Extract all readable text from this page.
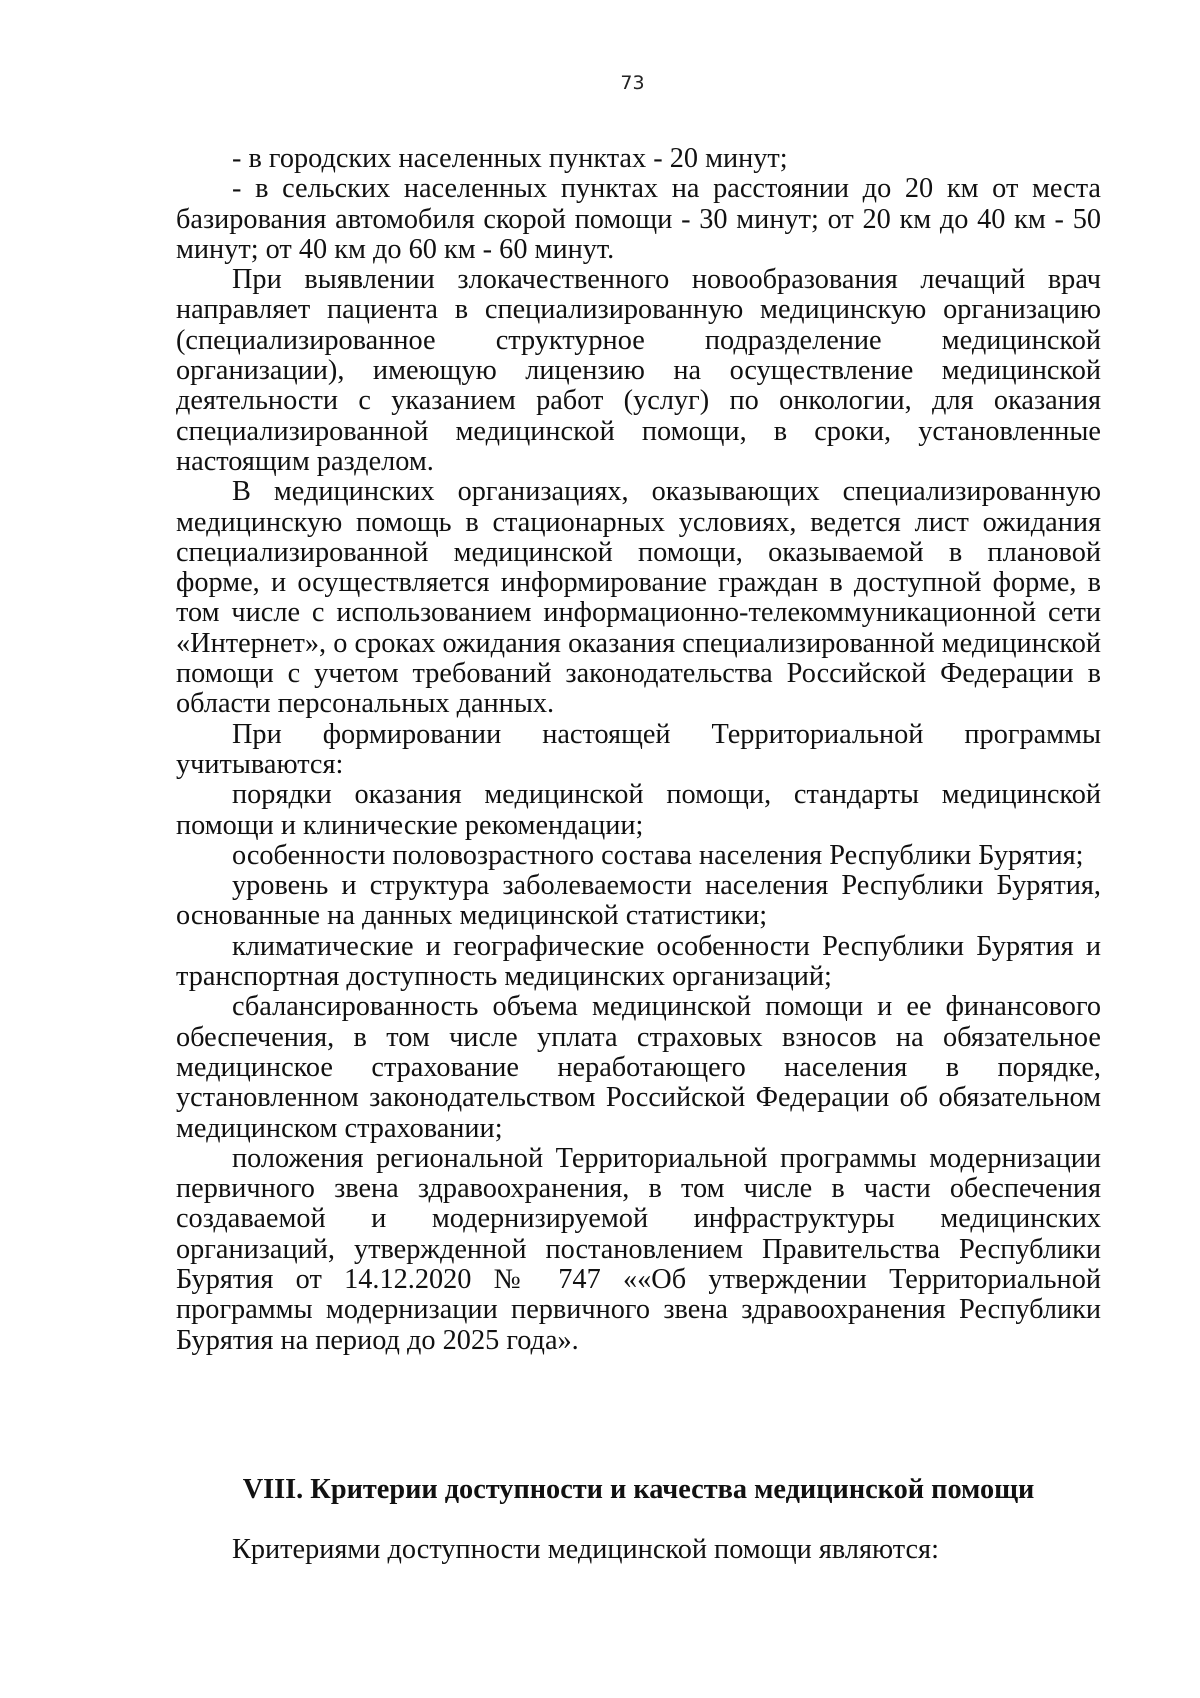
73

- в городских населенных пунктах - 20 минут;

- в сельских населенных пунктах на расстоянии до 20 км от места базирования автомобиля скорой помощи - 30 минут; от 20 км до 40 км - 50 минут; от 40 км до 60 км - 60 минут.

При выявлении злокачественного новообразования лечащий врач направляет пациента в специализированную медицинскую организацию (специализированное структурное подразделение медицинской организации), имеющую лицензию на осуществление медицинской деятельности с указанием работ (услуг) по онкологии, для оказания специализированной медицинской помощи, в сроки, установленные настоящим разделом.

В медицинских организациях, оказывающих специализированную медицинскую помощь в стационарных условиях, ведется лист ожидания специализированной медицинской помощи, оказываемой в плановой форме, и осуществляется информирование граждан в доступной форме, в том числе с использованием информационно-телекоммуникационной сети «Интернет», о сроках ожидания оказания специализированной медицинской помощи с учетом требований законодательства Российской Федерации в области персональных данных.

При формировании настоящей Территориальной программы учитываются:

порядки оказания медицинской помощи, стандарты медицинской помощи и клинические рекомендации;

особенности половозрастного состава населения Республики Бурятия;

уровень и структура заболеваемости населения Республики Бурятия, основанные на данных медицинской статистики;

климатические и географические особенности Республики Бурятия и транспортная доступность медицинских организаций;

сбалансированность объема медицинской помощи и ее финансового обеспечения, в том числе уплата страховых взносов на обязательное медицинское страхование неработающего населения в порядке, установленном законодательством Российской Федерации об обязательном медицинском страховании;

положения региональной Территориальной программы модернизации первичного звена здравоохранения, в том числе в части обеспечения создаваемой и модернизируемой инфраструктуры медицинских организаций, утвержденной постановлением Правительства Республики Бурятия от 14.12.2020 № 747 ««Об утверждении Территориальной программы модернизации первичного звена здравоохранения Республики Бурятия на период до 2025 года».

VIII. Критерии доступности и качества медицинской помощи
Критериями доступности медицинской помощи являются:
